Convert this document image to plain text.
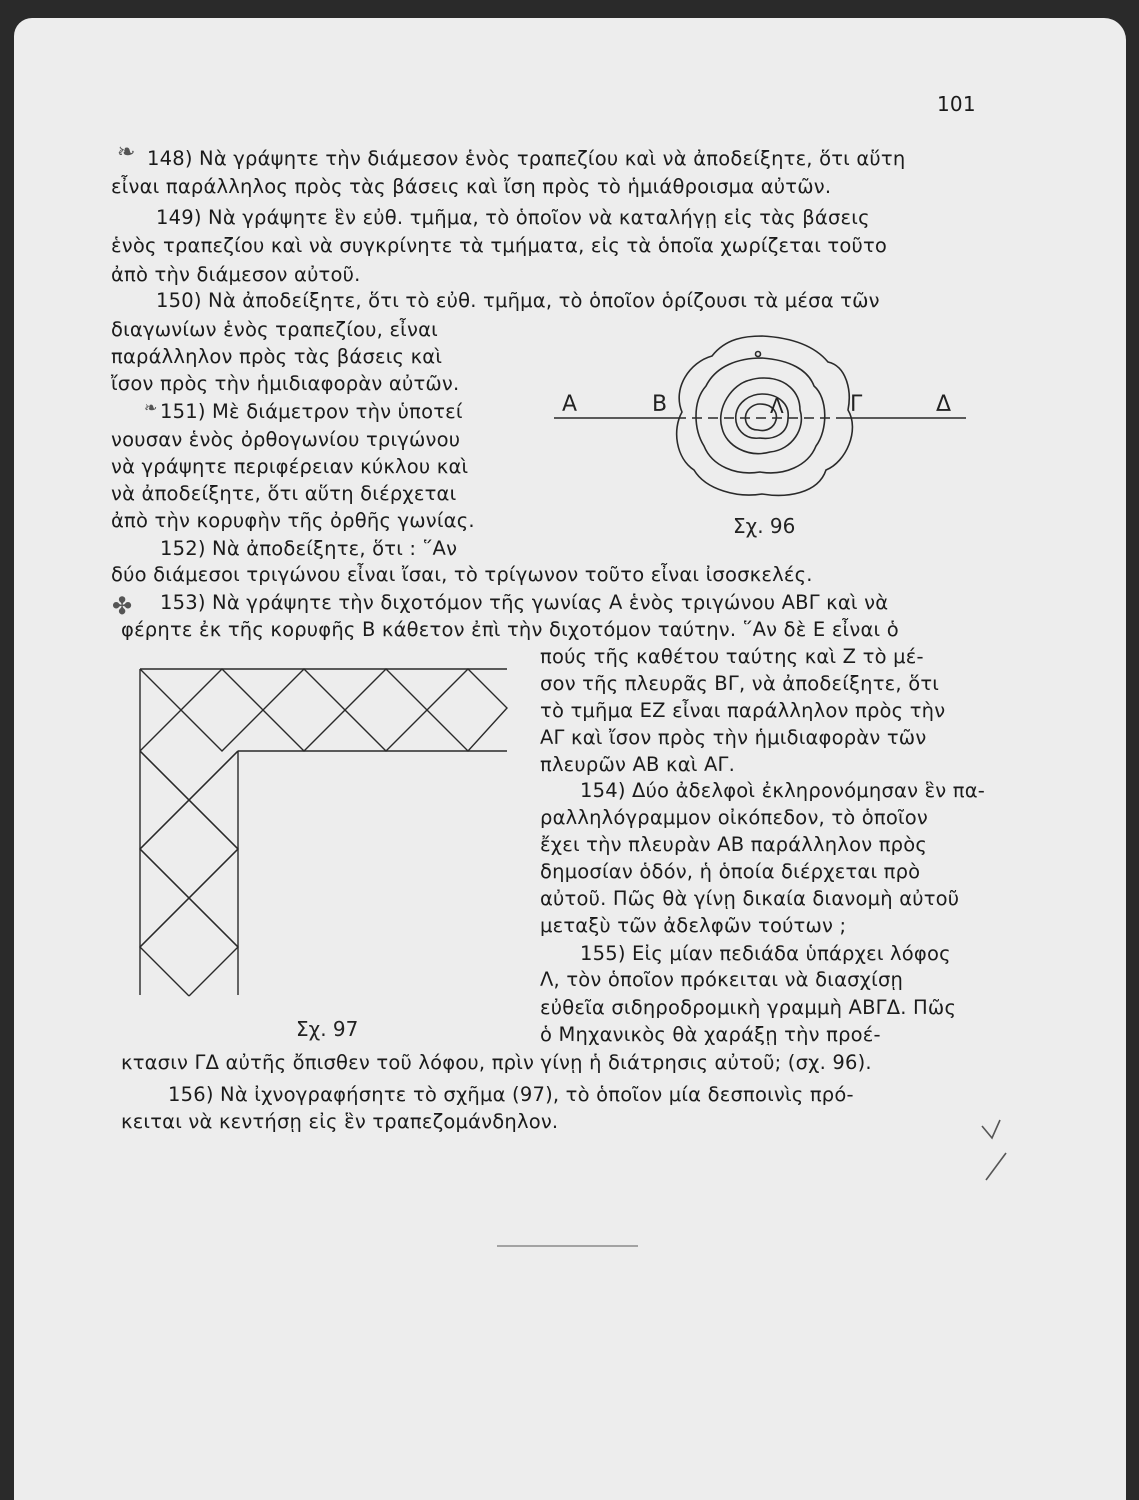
101
❧
❧
✤
148) Νὰ γράψητε τὴν διάμεσον ἑνὸς τραπεζίου καὶ νὰ ἀποδείξητε, ὅτι αὕτη
εἶναι παράλληλος πρὸς τὰς βάσεις καὶ ἴση πρὸς τὸ ἡμιάθροισμα αὐτῶν.
149) Νὰ γράψητε ἓν εὐθ. τμῆμα, τὸ ὁποῖον νὰ καταλήγῃ εἰς τὰς βάσεις
ἑνὸς τραπεζίου καὶ νὰ συγκρίνητε τὰ τμήματα, εἰς τὰ ὁποῖα χωρίζεται τοῦτο
ἀπὸ τὴν διάμεσον αὐτοῦ.
150) Νὰ ἀποδείξητε, ὅτι τὸ εὐθ. τμῆμα, τὸ ὁποῖον ὁρίζουσι τὰ μέσα τῶν
διαγωνίων ἑνὸς τραπεζίου, εἶναι
παράλληλον πρὸς τὰς βάσεις καὶ
ἴσον πρὸς τὴν ἡμιδιαφορὰν αὐτῶν.
151) Μὲ διάμετρον τὴν ὑποτεί
νουσαν ἑνὸς ὀρθογωνίου τριγώνου
νὰ γράψητε περιφέρειαν κύκλου καὶ
νὰ ἀποδείξητε, ὅτι αὕτη διέρχεται
ἀπὸ τὴν κορυφὴν τῆς ὀρθῆς γωνίας.
152) Νὰ ἀποδείξητε, ὅτι : ῞Αν
δύο διάμεσοι τριγώνου εἶναι ἴσαι, τὸ τρίγωνον τοῦτο εἶναι ἰσοσκελές.
153) Νὰ γράψητε τὴν διχοτόμον τῆς γωνίας Α ἑνὸς τριγώνου ΑΒΓ καὶ νὰ
φέρητε ἐκ τῆς κορυφῆς Β κάθετον ἐπὶ τὴν διχοτόμον ταύτην. ῞Αν δὲ Ε εἶναι ὁ
πούς τῆς καθέτου ταύτης καὶ Ζ τὸ μέ-
σον τῆς πλευρᾶς ΒΓ, νὰ ἀποδείξητε, ὅτι
τὸ τμῆμα ΕΖ εἶναι παράλληλον πρὸς τὴν
ΑΓ καὶ ἴσον πρὸς τὴν ἡμιδιαφορὰν τῶν
πλευρῶν ΑΒ καὶ ΑΓ.
154) Δύο ἀδελφοὶ ἐκληρονόμησαν ἓν πα-
ραλληλόγραμμον οἰκόπεδον, τὸ ὁποῖον
ἔχει τὴν πλευρὰν ΑΒ παράλληλον πρὸς
δημοσίαν ὁδόν, ἡ ὁποία διέρχεται πρὸ
αὐτοῦ. Πῶς θὰ γίνῃ δικαία διανομὴ αὐτοῦ
μεταξὺ τῶν ἀδελφῶν τούτων ;
155) Εἰς μίαν πεδιάδα ὑπάρχει λόφος
Λ, τὸν ὁποῖον πρόκειται νὰ διασχίσῃ
εὐθεῖα σιδηροδρομικὴ γραμμὴ ΑΒΓΔ. Πῶς
ὁ Μηχανικὸς θὰ χαράξῃ τὴν προέ-
κτασιν ΓΔ αὐτῆς ὄπισθεν τοῦ λόφου, πρὶν γίνῃ ἡ διάτρησις αὐτοῦ; (σχ. 96).
156) Νὰ ἰχνογραφήσητε τὸ σχῆμα (97), τὸ ὁποῖον μία δεσποινὶς πρό-
κειται νὰ κεντήσῃ εἰς ἓν τραπεζομάνδηλον.
Α	Β	Λ	Γ	Δ
Σχ. 96
Σχ. 97
